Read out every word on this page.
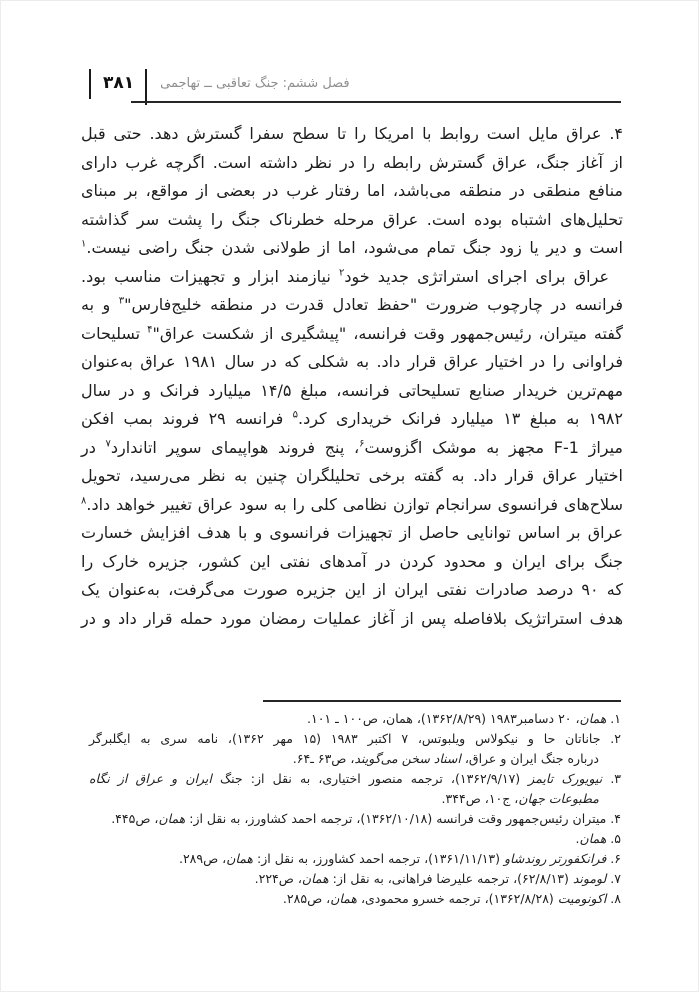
۳۸۱	فصل ششم: جنگ تعاقبی ــ تهاجمی
۴. عراق مایل است روابط با امریکا را تا سطح سفرا گسترش دهد. حتی قبل
از آغاز جنگ، عراق گسترش رابطه را در نظر داشته است. اگرچه غرب دارای
منافع منطقی در منطقه می‌باشد، اما رفتار غرب در بعضی از مواقع، بر مبنای
تحلیل‌های اشتباه بوده است. عراق مرحله خطرناک جنگ را پشت سر گذاشته
است و دیر یا زود جنگ تمام می‌شود، اما از طولانی شدن جنگ راضی نیست.$^۱$
عراق برای اجرای استراتژی جدید خود$^۲$ نیازمند ابزار و تجهیزات مناسب بود.
فرانسه در چارچوب ضرورت "حفظ تعادل قدرت در منطقه خلیج‌فارس"$^۳$ و به
گفته میتران، رئیس‌جمهور وقت فرانسه، "پیشگیری از شکست عراق"$^۴$ تسلیحات
فراوانی را در اختیار عراق قرار داد. به شکلی که در سال ۱۹۸۱ عراق به‌عنوان
مهم‌ترین خریدار صنایع تسلیحاتی فرانسه، مبلغ ۱۴/۵ میلیارد فرانک و در سال
۱۹۸۲ به مبلغ ۱۳ میلیارد فرانک خریداری کرد.$^۵$ فرانسه ۲۹ فروند بمب افکن
میراژ F-1 مجهز به موشک اگزوست$^۶$، پنج فروند هواپیمای سوپر اتاندارد$^۷$ در
اختیار عراق قرار داد. به گفته برخی تحلیلگران چنین به نظر می‌رسید، تحویل
سلاح‌های فرانسوی سرانجام توازن نظامی کلی را به سود عراق تغییر خواهد داد.$^۸$
عراق بر اساس توانایی حاصل از تجهیزات فرانسوی و با هدف افزایش خسارت
جنگ برای ایران و محدود کردن در آمدهای نفتی این کشور، جزیره خارک را
که ۹۰ درصد صادرات نفتی ایران از این جزیره صورت می‌گرفت، به‌عنوان یک
هدف استراتژیک بلافاصله پس از آغاز عملیات رمضان مورد حمله قرار داد و در
۱. همان، ۲۰ دسامبر۱۹۸۳ (۱۳۶۲/۸/۲۹)، همان، ص۱۰۰ ـ ۱۰۱.
۲. جاناتان حا و نیکولاس ویلبوتس، ۷ اکتبر ۱۹۸۳ (۱۵ مهر ۱۳۶۲)، نامه سری به ایگلبرگر
درباره جنگ ایران و عراق، اسناد سخن می‌گویند، ص۶۳ ـ۶۴.
۳. نیویورک تایمز (۱۳۶۲/۹/۱۷)، ترجمه منصور اختیاری، به نقل از: جنگ ایران و عراق از نگاه
مطبوعات جهان، ج۱۰، ص۳۴۴.
۴. میتران رئیس‌جمهور وقت فرانسه (۱۳۶۲/۱۰/۱۸)، ترجمه احمد کشاورز، به نقل از: همان، ص۴۴۵.
۵. همان.
۶. فرانکفورتر روندشاو (۱۳۶۱/۱۱/۱۳)، ترجمه احمد کشاورز، به نقل از: همان، ص۲۸۹.
۷. لوموند (۶۲/۸/۱۳)، ترجمه علیرضا فراهانی، به نقل از: همان، ص۲۲۴.
۸. اکونومیت (۱۳۶۲/۸/۲۸)، ترجمه خسرو محمودی، همان، ص۲۸۵.
